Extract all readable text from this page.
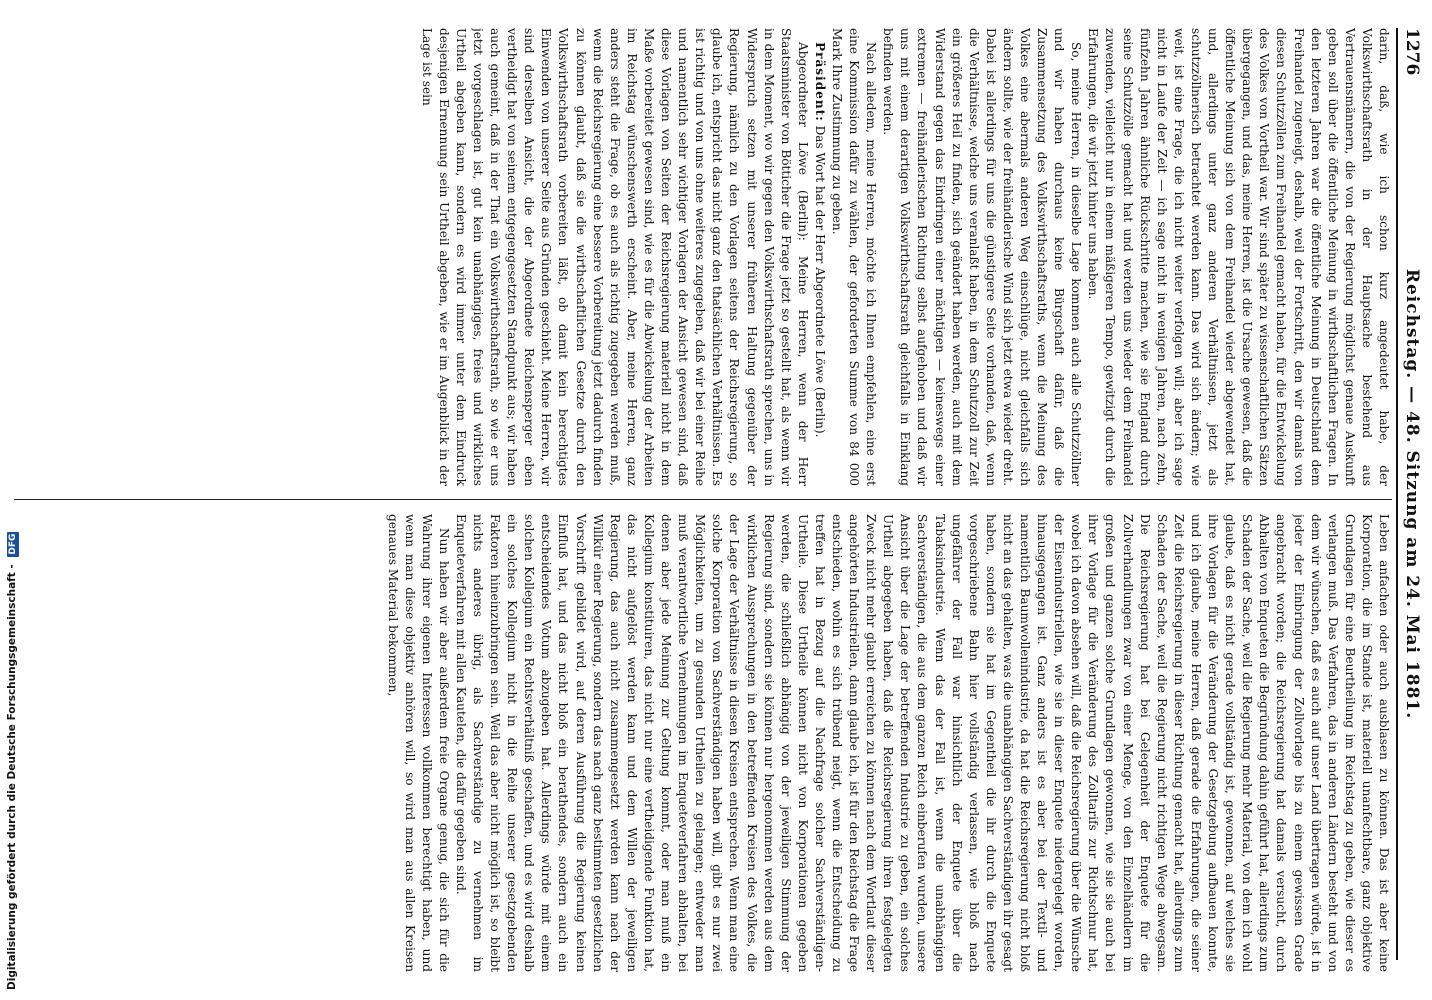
Digitalisierung gefördert durch die Deutsche Forschungsgemeinschaft - DFG
1276
Reichstag. — 48. Sitzung am 24. Mai 1881.

darin, daß, wie ich schon kurz angedeutet habe, der Volkswirthschaftsrath in der Hauptsache bestehend aus Vertrauensmännern, die von der Regierung möglichst genaue Auskunft geben soll über die öffentliche Meinung in wirthschaftlichen Fragen. In den letzteren Jahren war die öffentliche Meinung in Deutschland dem Freihandel zugeneigt, deshalb, weil der Fortschritt, den wir damals von diesen Schutzzöllen zum Freihandel gemacht haben, für die Entwickelung des Volkes von Vortheil war. Wir sind später zu wissenschaftlichen Sätzen übergegangen, und das, meine Herren, ist die Ursache gewesen, daß die öffentliche Meinung sich von dem Freihandel wieder abgewendet hat, und, allerdings unter ganz anderen Verhältnissen, jetzt als schutzzöllnerisch betrachtet werden kann. Das wird sich ändern; wie weit, ist eine Frage, die ich nicht weiter verfolgen will; aber ich sage nicht in Laufe der Zeit — ich sage nicht in wenigen Jahren, nach zehn, fünfzehn Jahren ähnliche Rückschritte machen, wie sie England durch seine Schutzzölle gemacht hat und werden uns wieder dem Freihandel zuwenden, vielleicht nur in einem mäßigeren Tempo, gewitzigt durch die Erfahrungen, die wir jetzt hinter uns haben.

So, meine Herren, in dieselbe Lage kommen auch alle Schutzzöllner und wir haben durchaus keine Bürgschaft dafür, daß die Zusammensetzung des Volkswirthschaftsraths, wenn die Meinung des Volkes eine abermals anderen Weg einschlüge, nicht gleichfalls sich ändern sollte, wie der freihändlerische Wind sich jetzt etwa wieder dreht. Dabei ist allerdings für uns die günstigere Seite vorhanden, daß, wenn die Verhältnisse, welche uns veranlaßt haben, in dem Schutzzoll zur Zeit ein größeres Heil zu finden, sich geändert haben werden, auch mit dem Widerstand gegen das Eindringen einer mächtigen — keineswegs einer extremen — freihändlerischen Richtung selbst aufgehoben und daß wir uns mit einem derartigen Volkswirthschaftsrath gleichfalls in Einklang befinden werden.

Nach alledem, meine Herren, möchte ich Ihnen empfehlen, eine erst eine Kommission dafür zu wählen, der geforderten Summe von 84 000 Mark Ihre Zustimmung zu geben.

Präsident: Das Wort hat der Herr Abgeordnete Löwe (Berlin).

Abgeordneter Löwe (Berlin): Meine Herren, wenn der Herr Staatsminister von Bötticher die Frage jetzt so gestellt hat, als wenn wir in dem Moment, wo wir gegen den Volkswirthschaftsrath sprechen, uns in Widerspruch setzen mit unserer früheren Haltung gegenüber der Regierung, nämlich zu den Vorlagen seitens der Reichsregierung, so glaube ich, entspricht das nicht ganz den thatsächlichen Verhältnissen. Es ist richtig und von uns ohne weiteres zugegeben, daß wir bei einer Reihe und namentlich sehr wichtiger Vorlagen der Ansicht gewesen sind, daß diese Vorlagen von Seiten der Reichsregierung materiell nicht in dem Maße vorbereitet gewesen sind, wie es für die Abwickelung der Arbeiten im Reichstag wünschenswerth erscheint. Aber, meine Herren, ganz anders steht die Frage, ob es auch als richtig zugegeben werden muß, wenn die Reichsregierung eine bessere Vorbereitung jetzt dadurch finden zu können glaubt, daß sie die wirthschaftlichen Gesetze durch den Volkswirthschaftsrath vorbereiten läßt, ob damit kein berechtigtes Einwenden von unserer Seite aus Gründen geschieht. Meine Herren, wir sind derselben Ansicht, die der Abgeordnete Reichensperger eben vertheidigt hat von seinem entgegengesetzten Standpunkt aus; wir haben auch gemeint, daß in der That ein Volkswirthschaftsrath, so wie er uns jetzt vorgeschlagen ist, gut kein unabhängiges, freies und wirkliches Urtheil abgeben kann, sondern es wird immer unter dem Eindruck desjenigen Ernennung sein Urtheil abgeben, wie er im Augenblick in der Lage ist sein

Leben anfachen oder auch ausblasen zu können. Das ist aber keine Korporation, die im Stande ist, materiell unanfechtbare, ganz objektive Grundlagen für eine Beurtheilung im Reichstag zu geben, wie dieser es verlangen muß. Das Verfahren, das in anderen Ländern besteht und von dem wir wünschen, daß es auch auf unser Land übertragen würde, ist in jeder der Einbringung der Zollvorlage bis zu einem gewissen Grade angebracht worden; die Reichsregierung hat damals versucht, durch Abhalten von Enqueten die Begründung dahin geführt hat, allerdings zum Schaden der Sache, weil die Regierung mehr Material, von dem ich wohl glaube, daß es nicht gerade vollständig ist, gewonnen, auf welches sie ihre Vorlagen für die Veränderung der Gesetzgebung aufbauen konnte, und ich glaube, meine Herren, daß gerade die Erfahrungen, die seiner Zeit die Reichsregierung in dieser Richtung gemacht hat, allerdings zum Schaden der Sache, weil die Regierung nicht richtigen Wege abwegsam. Die Reichsregierung hat bei Gelegenheit der Enquete für die Zollverhandlungen zwar von einer Menge, von den Einzelhändlern im großen und ganzen solche Grundlagen gewonnen, wie sie sie auch bei ihrer Vorlage für die Veränderung des Zolltarifs zur Richtschnur hat, wobei ich davon absehen will, daß die Reichsregierung über die Wünsche der Eisenindustriellen, wie sie in dieser Enquete niedergelegt worden, hinausgegangen ist. Ganz anders ist es aber bei der Textil- und namentlich Baumwollenindustrie, da hat die Reichsregierung nicht bloß nicht an das gehalten, was die unabhängigen Sachverständigen ihr gesagt haben, sondern sie hat im Gegentheil die ihr durch die Enquete vorgeschriebene Bahn hier vollständig verlassen, wie bloß nach ungefährer der Fall war hinsichtlich der Enquete über die Tabaksindustrie. Wenn das der Fall ist, wenn die unabhängigen Sachverständigen, die aus dem ganzen Reich einberufen wurden, unsere Ansicht über die Lage der betreffenden Industrie zu geben, ein solches Urtheil abgegeben haben, daß die Reichsregierung ihren festgelegten Zweck nicht mehr glaubt erreichen zu können nach dem Wortlaut dieser angehörten Industriellen, dann glaube ich, ist für den Reichstag die Frage entschieden, wohin es sich trübend neigt, wenn die Entscheidung zu treffen hat in Bezug auf die Nachfrage solcher Sachverständigen-Urtheile. Diese Urtheile können nicht von Korporationen gegeben werden, die schließlich abhängig von der jeweiligen Stimmung der Regierung sind, sondern sie können nur hergenommen werden aus dem wirklichen Aussprechungen in den betreffenden Kreisen des Volkes, die der Lage der Verhältnisse in diesen Kreisen entsprechen. Wenn man eine solche Korporation von Sachverständigen haben will, gibt es nur zwei Möglichkeiten, um zu gesunden Urtheilen zu gelangen; entweder man muß verantwortliche Vernehmungen im Enqueteverfahren abhalten, bei denen aber jede Meinung zur Geltung kommt, oder man muß ein Kollegium konstituiren, das nicht nur eine vertheidigende Funktion hat, das nicht aufgelöst werden kann und dem Willen der jeweiligen Regierung, das auch nicht zusammengesetzt werden kann nach der Willkür einer Regierung, sondern das nach ganz bestimmten gesetzlichen Vorschrift gebildet wird, auf deren Ausführung die Regierung keinen Einfluß hat, und das nicht bloß ein berathendes, sondern auch ein entscheidendes Votum abzugeben hat. Allerdings würde mit einem solchen Kollegium ein Rechtsverhältniß geschaffen, und es wird deshalb ein solches Kollegium nicht in die Reihe unserer gesetzgebenden Faktoren hineinzubringen sein. Weil das aber nicht möglich ist, so bleibt nichts anderes übrig, als Sachverständige zu vernehmen im Enqueteverfahren mit allen Kautelen, die dafür gegeben sind.

Nun haben wir aber außerdem freie Organe genug, die sich für die Wahrung ihrer eigenen Interessen vollkommen berechtigt haben, und wenn man diese objektiv anhören will, so wird man aus allen Kreisen genaues Material bekommen,
